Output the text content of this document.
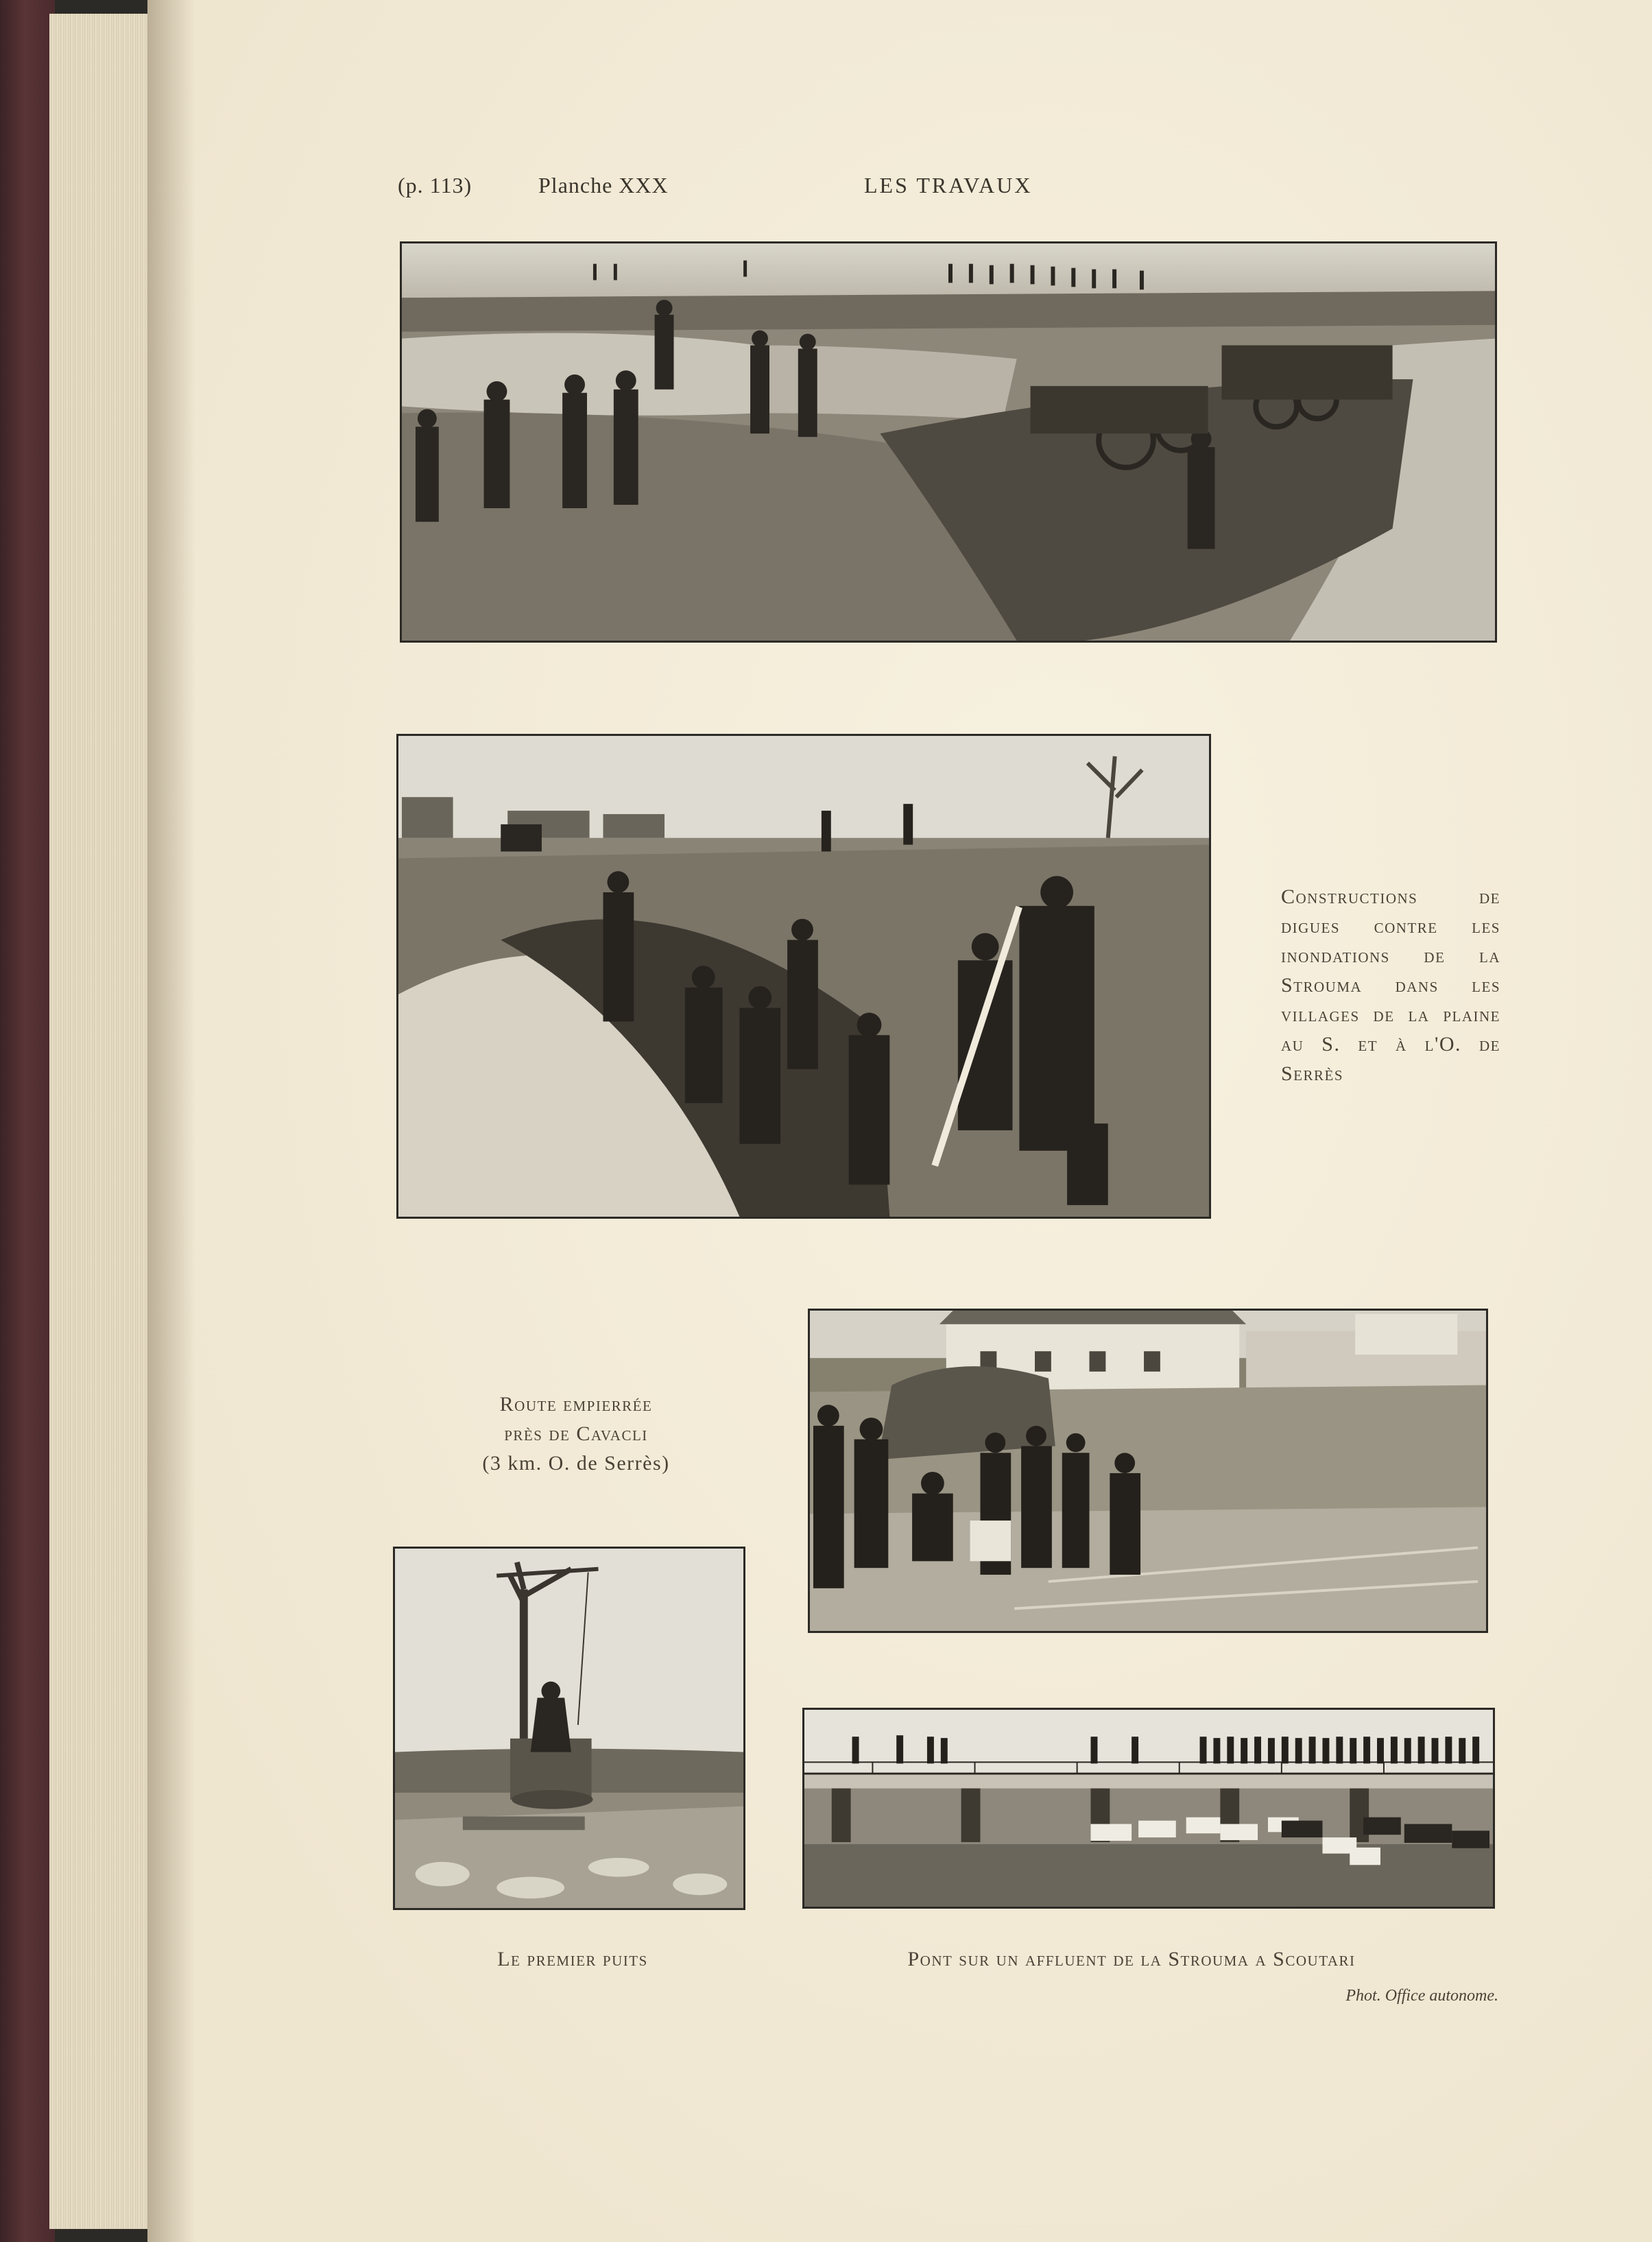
(p. 113)	Planche XXX	LES TRAVAUX
Constructions de digues contre les inondations de la Strouma dans les villages de la plaine au S. et à l'O. de Serrès
Route empierrée
près de Cavacli
(3 km. O. de Serrès)
Le premier puits	Pont sur un affluent de la Strouma a Scoutari
Phot. Office autonome.
